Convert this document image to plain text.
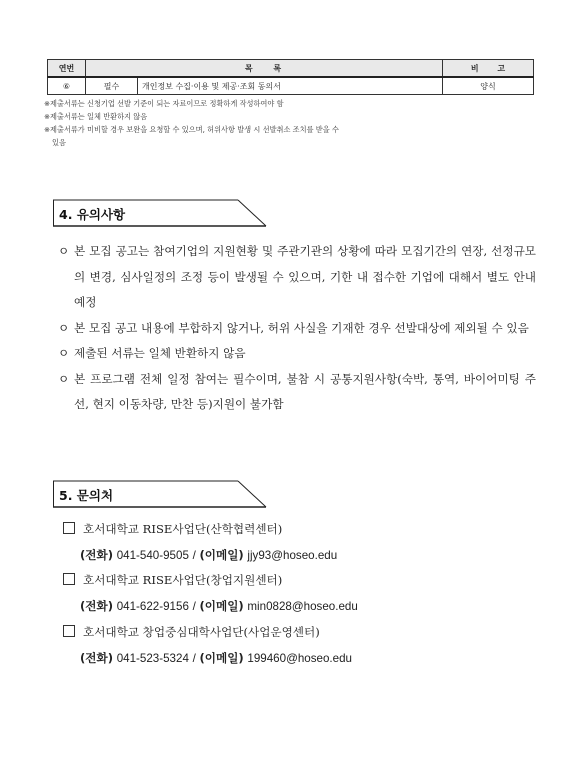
연번	목 록		비 고
⑥	필수	개인정보 수집·이용 및 제공·조회 동의서	양식
※제출서류는 신청기업 선발 기준이 되는 자료이므로 정확하게 작성하여야 함
※제출서류는 일체 반환하지 않음
※제출서류가 미비할 경우 보완을 요청할 수 있으며, 허위사항 발생 시 선발취소 조치를 받을 수
있음
4. 유의사항
ㅇ 본 모집 공고는 참여기업의 지원현황 및 주관기관의 상황에 따라 모집기간의 연장, 선정규모의 변경, 심사일정의 조정 등이 발생될 수 있으며, 기한 내 접수한 기업에 대해서 별도 안내 예정
ㅇ 본 모집 공고 내용에 부합하지 않거나, 허위 사실을 기재한 경우 선발대상에 제외될 수 있음
ㅇ 제출된 서류는 일체 반환하지 않음
ㅇ 본 프로그램 전체 일정 참여는 필수이며, 불참 시 공통지원사항(숙박, 통역, 바이어미팅 주선, 현지 이동차량, 만찬 등)지원이 불가함
5. 문의처
호서대학교 RISE사업단(산학협력센터)
(전화) 041-540-9505 / (이메일) jjy93@hoseo.edu
호서대학교 RISE사업단(창업지원센터)
(전화) 041-622-9156 / (이메일) min0828@hoseo.edu
호서대학교 창업중심대학사업단(사업운영센터)
(전화) 041-523-5324 / (이메일) 199460@hoseo.edu
